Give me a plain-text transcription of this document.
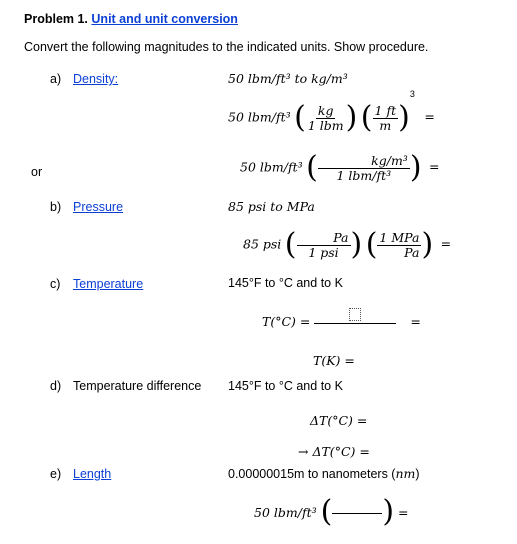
Problem 1. Unit and unit conversion
Convert the following magnitudes to the indicated units. Show procedure.
a) Density:	50 lbm/ft³ to kg/m³
50 lbm/ft³ ( $\frac{kg}{\text{1 lbm}}$ ) ( $\frac{1 ft}{m} )^3$ =
or	50 lbm/ft³ ( $\frac{\text{kg/m³}}{\text{1 lbm/ft³}}$ ) =
b) Pressure	85 psi to MPa
85 psi ( $\frac{Pa}{\text{1 psi}}$ ) ( $\frac{\text{1 MPa}}{Pa}$ ) =
c) Temperature	145°F to °C and to K
T(°C) =	=
T(K) =
d) Temperature difference 145°F to °C and to K
ΔT(°C) =
→ ΔT(°C) =
e) Length	0.00000015m to nanometers (nm)
50 lbm/ft³ ( ) =
